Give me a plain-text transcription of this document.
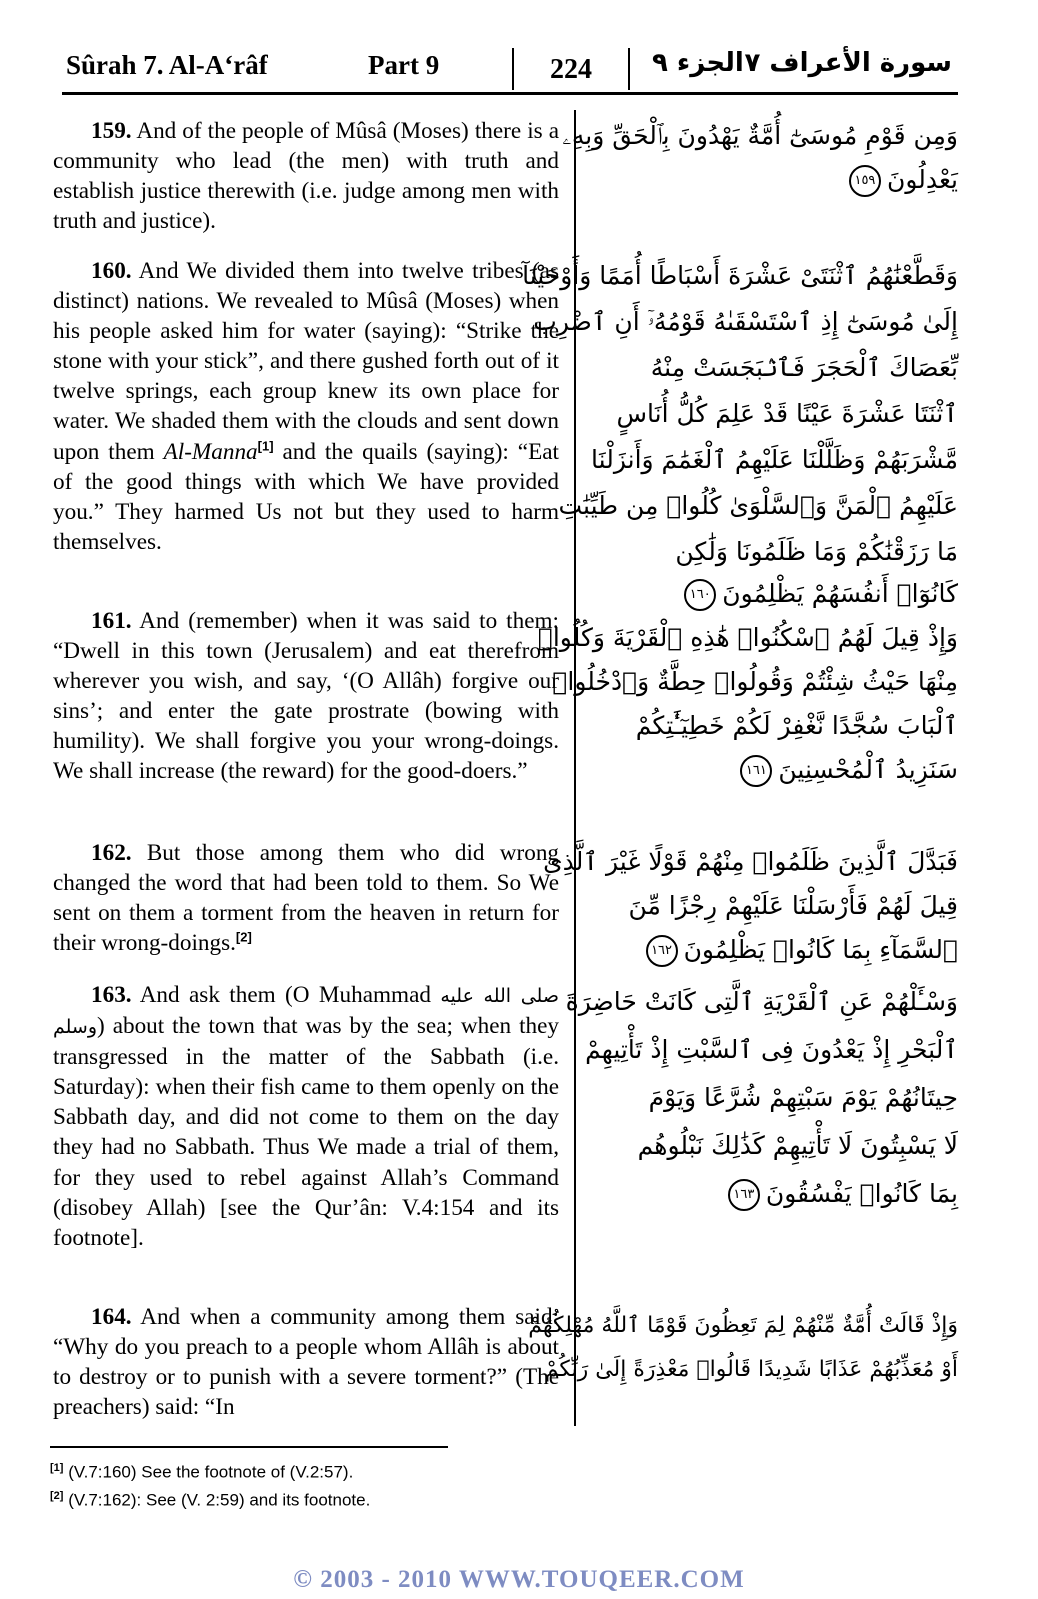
Sûrah 7. Al-A‘râf	Part 9	224	الجزء ٩ سورة الأعراف ٧

159. And of the people of Mûsâ (Moses) there is a community who lead (the men) with truth and establish justice therewith (i.e. judge among men with truth and justice).

160. And We divided them into twelve tribes (as distinct) nations. We revealed to Mûsâ (Moses) when his people asked him for water (saying): “Strike the stone with your stick”, and there gushed forth out of it twelve springs, each group knew its own place for water. We shaded them with the clouds and sent down upon them Al-Manna[1] and the quails (saying): “Eat of the good things with which We have provided you.” They harmed Us not but they used to harm themselves.

161. And (remember) when it was said to them: “Dwell in this town (Jerusalem) and eat therefrom wherever you wish, and say, ‘(O Allâh) forgive our sins’; and enter the gate prostrate (bowing with humility). We shall forgive you your wrong-doings. We shall increase (the reward) for the good-doers.”

162. But those among them who did wrong changed the word that had been told to them. So We sent on them a torment from the heaven in return for their wrong-doings.[2]

163. And ask them (O Muhammad صلى الله عليه وسلم) about the town that was by the sea; when they transgressed in the matter of the Sabbath (i.e. Saturday): when their fish came to them openly on the Sabbath day, and did not come to them on the day they had no Sabbath. Thus We made a trial of them, for they used to rebel against Allah’s Command (disobey Allah) [see the Qur’ân: V.4:154 and its footnote].

164. And when a community among them said: “Why do you preach to a people whom Allâh is about to destroy or to punish with a severe torment?” (The preachers) said: “In

وَمِن قَوْمِ مُوسَىٰٓ أُمَّةٌ يَهْدُونَ بِٱلْحَقِّ وَبِهِۦ
يَعْدِلُونَ١٥٩
وَقَطَّعْنَٰهُمُ ٱثْنَتَىْ عَشْرَةَ أَسْبَاطًا أُمَمًا وَأَوْحَيْنَآ
إِلَىٰ مُوسَىٰٓ إِذِ ٱسْتَسْقَىٰهُ قَوْمُهُۥٓ أَنِ ٱضْرِب
بِّعَصَاكَ ٱلْحَجَرَ فَٱنۢبَجَسَتْ مِنْهُ
ٱثْنَتَا عَشْرَةَ عَيْنًا قَدْ عَلِمَ كُلُّ أُنَاسٍ
مَّشْرَبَهُمْ وَظَلَّلْنَا عَلَيْهِمُ ٱلْغَمَٰمَ وَأَنزَلْنَا
عَلَيْهِمُ ٱلْمَنَّ وَٱلسَّلْوَىٰ كُلُوا۟ مِن طَيِّبَٰتِ
مَا رَزَقْنَٰكُمْ وَمَا ظَلَمُونَا وَلَٰكِن
كَانُوٓا۟ أَنفُسَهُمْ يَظْلِمُونَ١٦٠
وَإِذْ قِيلَ لَهُمُ ٱسْكُنُوا۟ هَٰذِهِ ٱلْقَرْيَةَ وَكُلُوا۟
مِنْهَا حَيْثُ شِئْتُمْ وَقُولُوا۟ حِطَّةٌ وَٱدْخُلُوا۟
ٱلْبَابَ سُجَّدًا نَّغْفِرْ لَكُمْ خَطِيٓـَٰٔتِكُمْ
سَنَزِيدُ ٱلْمُحْسِنِينَ١٦١
فَبَدَّلَ ٱلَّذِينَ ظَلَمُوا۟ مِنْهُمْ قَوْلًا غَيْرَ ٱلَّذِى
قِيلَ لَهُمْ فَأَرْسَلْنَا عَلَيْهِمْ رِجْزًا مِّنَ
ٱلسَّمَآءِ بِمَا كَانُوا۟ يَظْلِمُونَ١٦٢
وَسْـَٔلْهُمْ عَنِ ٱلْقَرْيَةِ ٱلَّتِى كَانَتْ حَاضِرَةَ
ٱلْبَحْرِ إِذْ يَعْدُونَ فِى ٱلسَّبْتِ إِذْ تَأْتِيهِمْ
حِيتَانُهُمْ يَوْمَ سَبْتِهِمْ شُرَّعًا وَيَوْمَ
لَا يَسْبِتُونَ لَا تَأْتِيهِمْ كَذَٰلِكَ نَبْلُوهُم
بِمَا كَانُوا۟ يَفْسُقُونَ١٦٣
وَإِذْ قَالَتْ أُمَّةٌ مِّنْهُمْ لِمَ تَعِظُونَ قَوْمًا ٱللَّهُ مُهْلِكُهُمْ
أَوْ مُعَذِّبُهُمْ عَذَابًا شَدِيدًا قَالُوا۟ مَعْذِرَةً إِلَىٰ رَبِّكُمْ
[1] (V.7:160) See the footnote of (V.2:57).
[2] (V.7:162): See (V. 2:59) and its footnote.
© 2003 - 2010 WWW.TOUQEER.COM
